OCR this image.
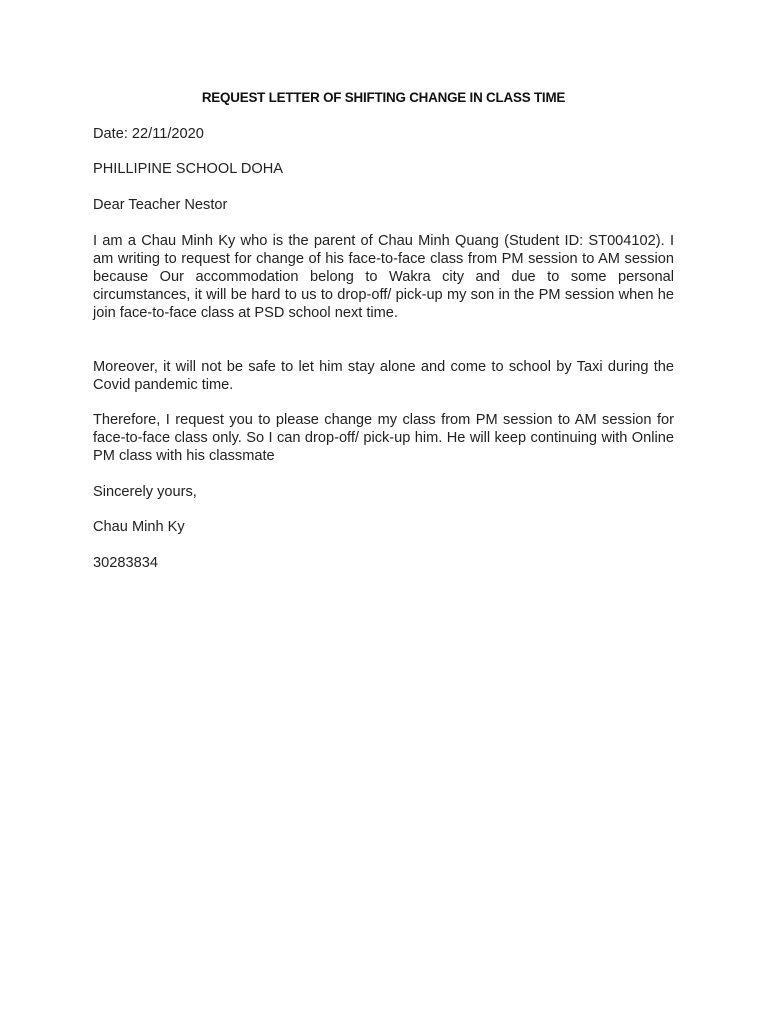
REQUEST LETTER OF SHIFTING CHANGE IN CLASS TIME
Date: 22/11/2020
PHILLIPINE SCHOOL DOHA
Dear Teacher Nestor
I am a Chau Minh Ky who is the parent of Chau Minh Quang (Student ID: ST004102). I am writing to request for change of his face-to-face class from PM session to AM session because Our accommodation belong to Wakra city and due to some personal circumstances, it will be hard to us to drop-off/ pick-up my son in the PM session when he join face-to-face class at PSD school next time.
Moreover, it will not be safe to let him stay alone and come to school by Taxi during the Covid pandemic time.
Therefore, I request you to please change my class from PM session to AM session for face-to-face class only. So I can drop-off/ pick-up him. He will keep continuing with Online PM class with his classmate
Sincerely yours,
Chau Minh Ky
30283834
